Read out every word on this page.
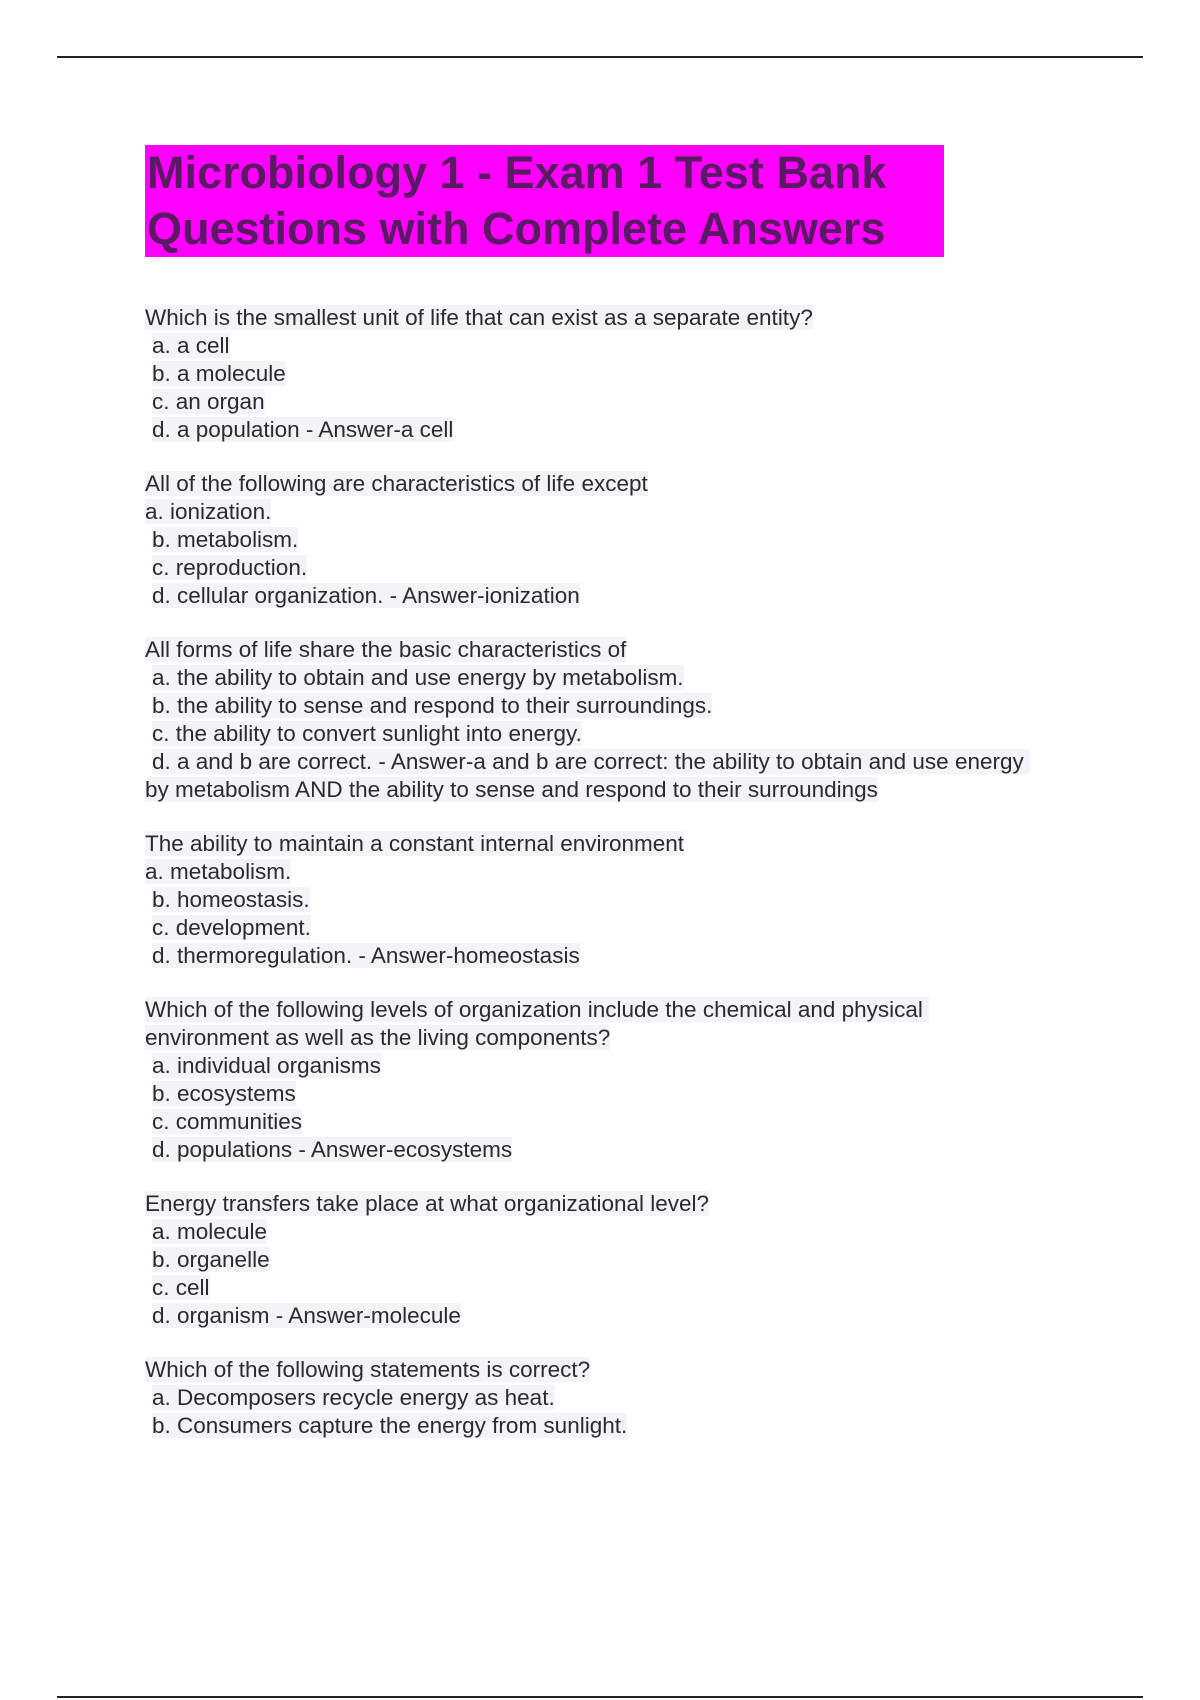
Microbiology 1 - Exam 1 Test Bank Questions with Complete Answers
Which is the smallest unit of life that can exist as a separate entity?
a. a cell
b. a molecule
c. an organ
d. a population - Answer-a cell
All of the following are characteristics of life except
a. ionization.
b. metabolism.
c. reproduction.
d. cellular organization. - Answer-ionization
All forms of life share the basic characteristics of
a. the ability to obtain and use energy by metabolism.
b. the ability to sense and respond to their surroundings.
c. the ability to convert sunlight into energy.
d. a and b are correct. - Answer-a and b are correct: the ability to obtain and use energy by metabolism AND the ability to sense and respond to their surroundings
The ability to maintain a constant internal environment
a. metabolism.
b. homeostasis.
c. development.
d. thermoregulation. - Answer-homeostasis
Which of the following levels of organization include the chemical and physical environment as well as the living components?
a. individual organisms
b. ecosystems
c. communities
d. populations - Answer-ecosystems
Energy transfers take place at what organizational level?
a. molecule
b. organelle
c. cell
d. organism - Answer-molecule
Which of the following statements is correct?
a. Decomposers recycle energy as heat.
b. Consumers capture the energy from sunlight.
